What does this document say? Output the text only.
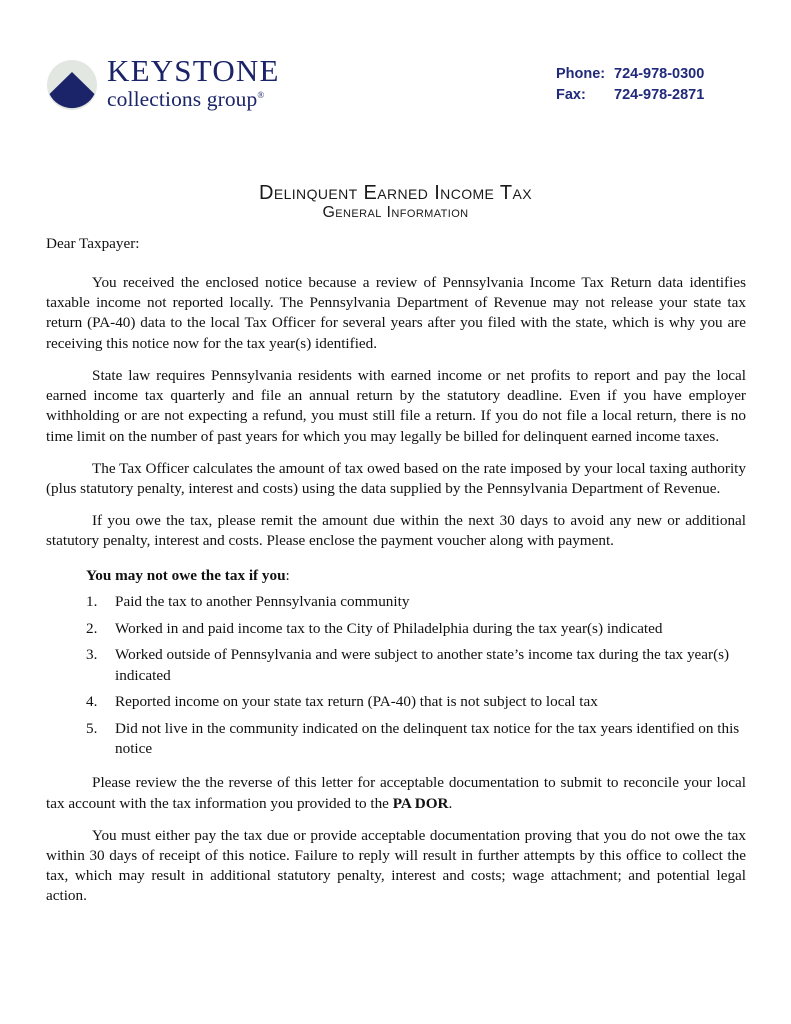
KEYSTONE
collections group®
Phone: 724-978-0300
Fax:	724-978-2871
Delinquent Earned Income Tax
General Information
Dear Taxpayer:

You received the enclosed notice because a review of Pennsylvania Income Tax Return data identifies taxable income not reported locally. The Pennsylvania Department of Revenue may not release your state tax return (PA-40) data to the local Tax Officer for several years after you filed with the state, which is why you are receiving this notice now for the tax year(s) identified.

State law requires Pennsylvania residents with earned income or net profits to report and pay the local earned income tax quarterly and file an annual return by the statutory deadline. Even if you have employer withholding or are not expecting a refund, you must still file a return. If you do not file a local return, there is no time limit on the number of past years for which you may legally be billed for delinquent earned income taxes.

The Tax Officer calculates the amount of tax owed based on the rate imposed by your local taxing authority (plus statutory penalty, interest and costs) using the data supplied by the Pennsylvania Department of Revenue.

If you owe the tax, please remit the amount due within the next 30 days to avoid any new or additional statutory penalty, interest and costs. Please enclose the payment voucher along with payment.

You may not owe the tax if you:
Paid the tax to another Pennsylvania community
Worked in and paid income tax to the City of Philadelphia during the tax year(s) indicated
Worked outside of Pennsylvania and were subject to another state’s income tax during the tax year(s) indicated
Reported income on your state tax return (PA-40) that is not subject to local tax
Did not live in the community indicated on the delinquent tax notice for the tax years identified on this notice

Please review the the reverse of this letter for acceptable documentation to submit to reconcile your local tax account with the tax information you provided to the PA DOR.

You must either pay the tax due or provide acceptable documentation proving that you do not owe the tax within 30 days of receipt of this notice. Failure to reply will result in further attempts by this office to collect the tax, which may result in additional statutory penalty, interest and costs; wage attachment; and potential legal action.
